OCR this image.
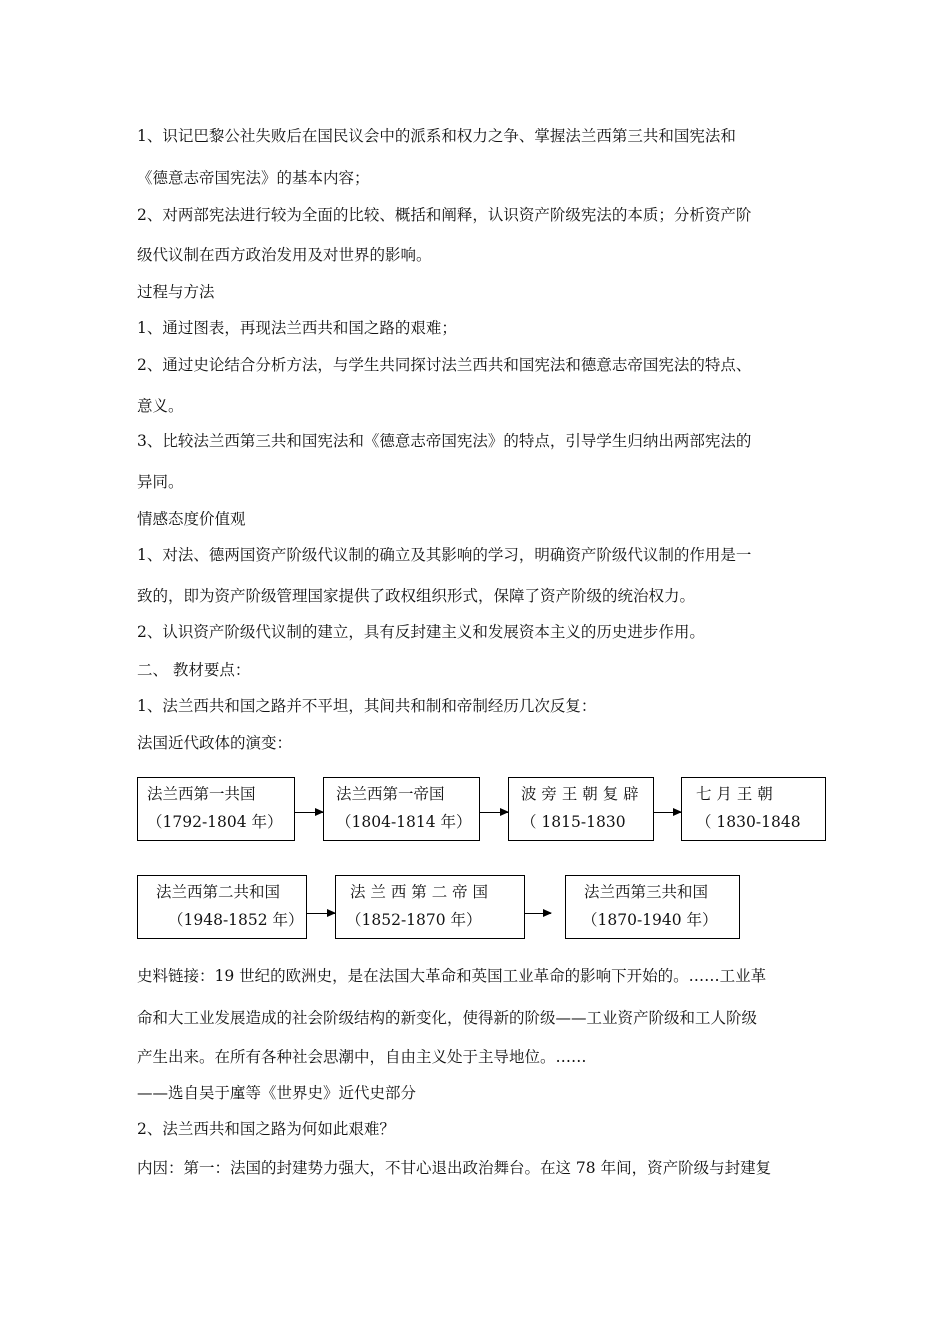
1、识记巴黎公社失败后在国民议会中的派系和权力之争、掌握法兰西第三共和国宪法和
《德意志帝国宪法》的基本内容；
2、对两部宪法进行较为全面的比较、概括和阐释，认识资产阶级宪法的本质；分析资产阶
级代议制在西方政治发用及对世界的影响。
过程与方法
1、通过图表，再现法兰西共和国之路的艰难；
2、通过史论结合分析方法，与学生共同探讨法兰西共和国宪法和德意志帝国宪法的特点、
意义。
3、比较法兰西第三共和国宪法和《德意志帝国宪法》的特点，引导学生归纳出两部宪法的
异同。
情感态度价值观
1、对法、德两国资产阶级代议制的确立及其影响的学习，明确资产阶级代议制的作用是一
致的，即为资产阶级管理国家提供了政权组织形式，保障了资产阶级的统治权力。
2、认识资产阶级代议制的建立，具有反封建主义和发展资本主义的历史进步作用。
二、 教材要点：
1、法兰西共和国之路并不平坦，其间共和制和帝制经历几次反复：
法国近代政体的演变：
法兰西第一共国
（1792-1804 年）
法兰西第一帝国
（1804-1814 年）
波 旁 王 朝 复 辟
（ 1815-1830
七 月 王 朝
（ 1830-1848
法兰西第二共和国
（1948-1852 年）
法 兰 西 第 二 帝 国
（1852-1870 年）
法兰西第三共和国
（1870-1940 年）
史料链接：19 世纪的欧洲史，是在法国大革命和英国工业革命的影响下开始的。……工业革
命和大工业发展造成的社会阶级结构的新变化，使得新的阶级——工业资产阶级和工人阶级
产生出来。在所有各种社会思潮中，自由主义处于主导地位。……
——选自吴于廑等《世界史》近代史部分
2、法兰西共和国之路为何如此艰难？
内因：第一：法国的封建势力强大，不甘心退出政治舞台。在这 78 年间，资产阶级与封建复
